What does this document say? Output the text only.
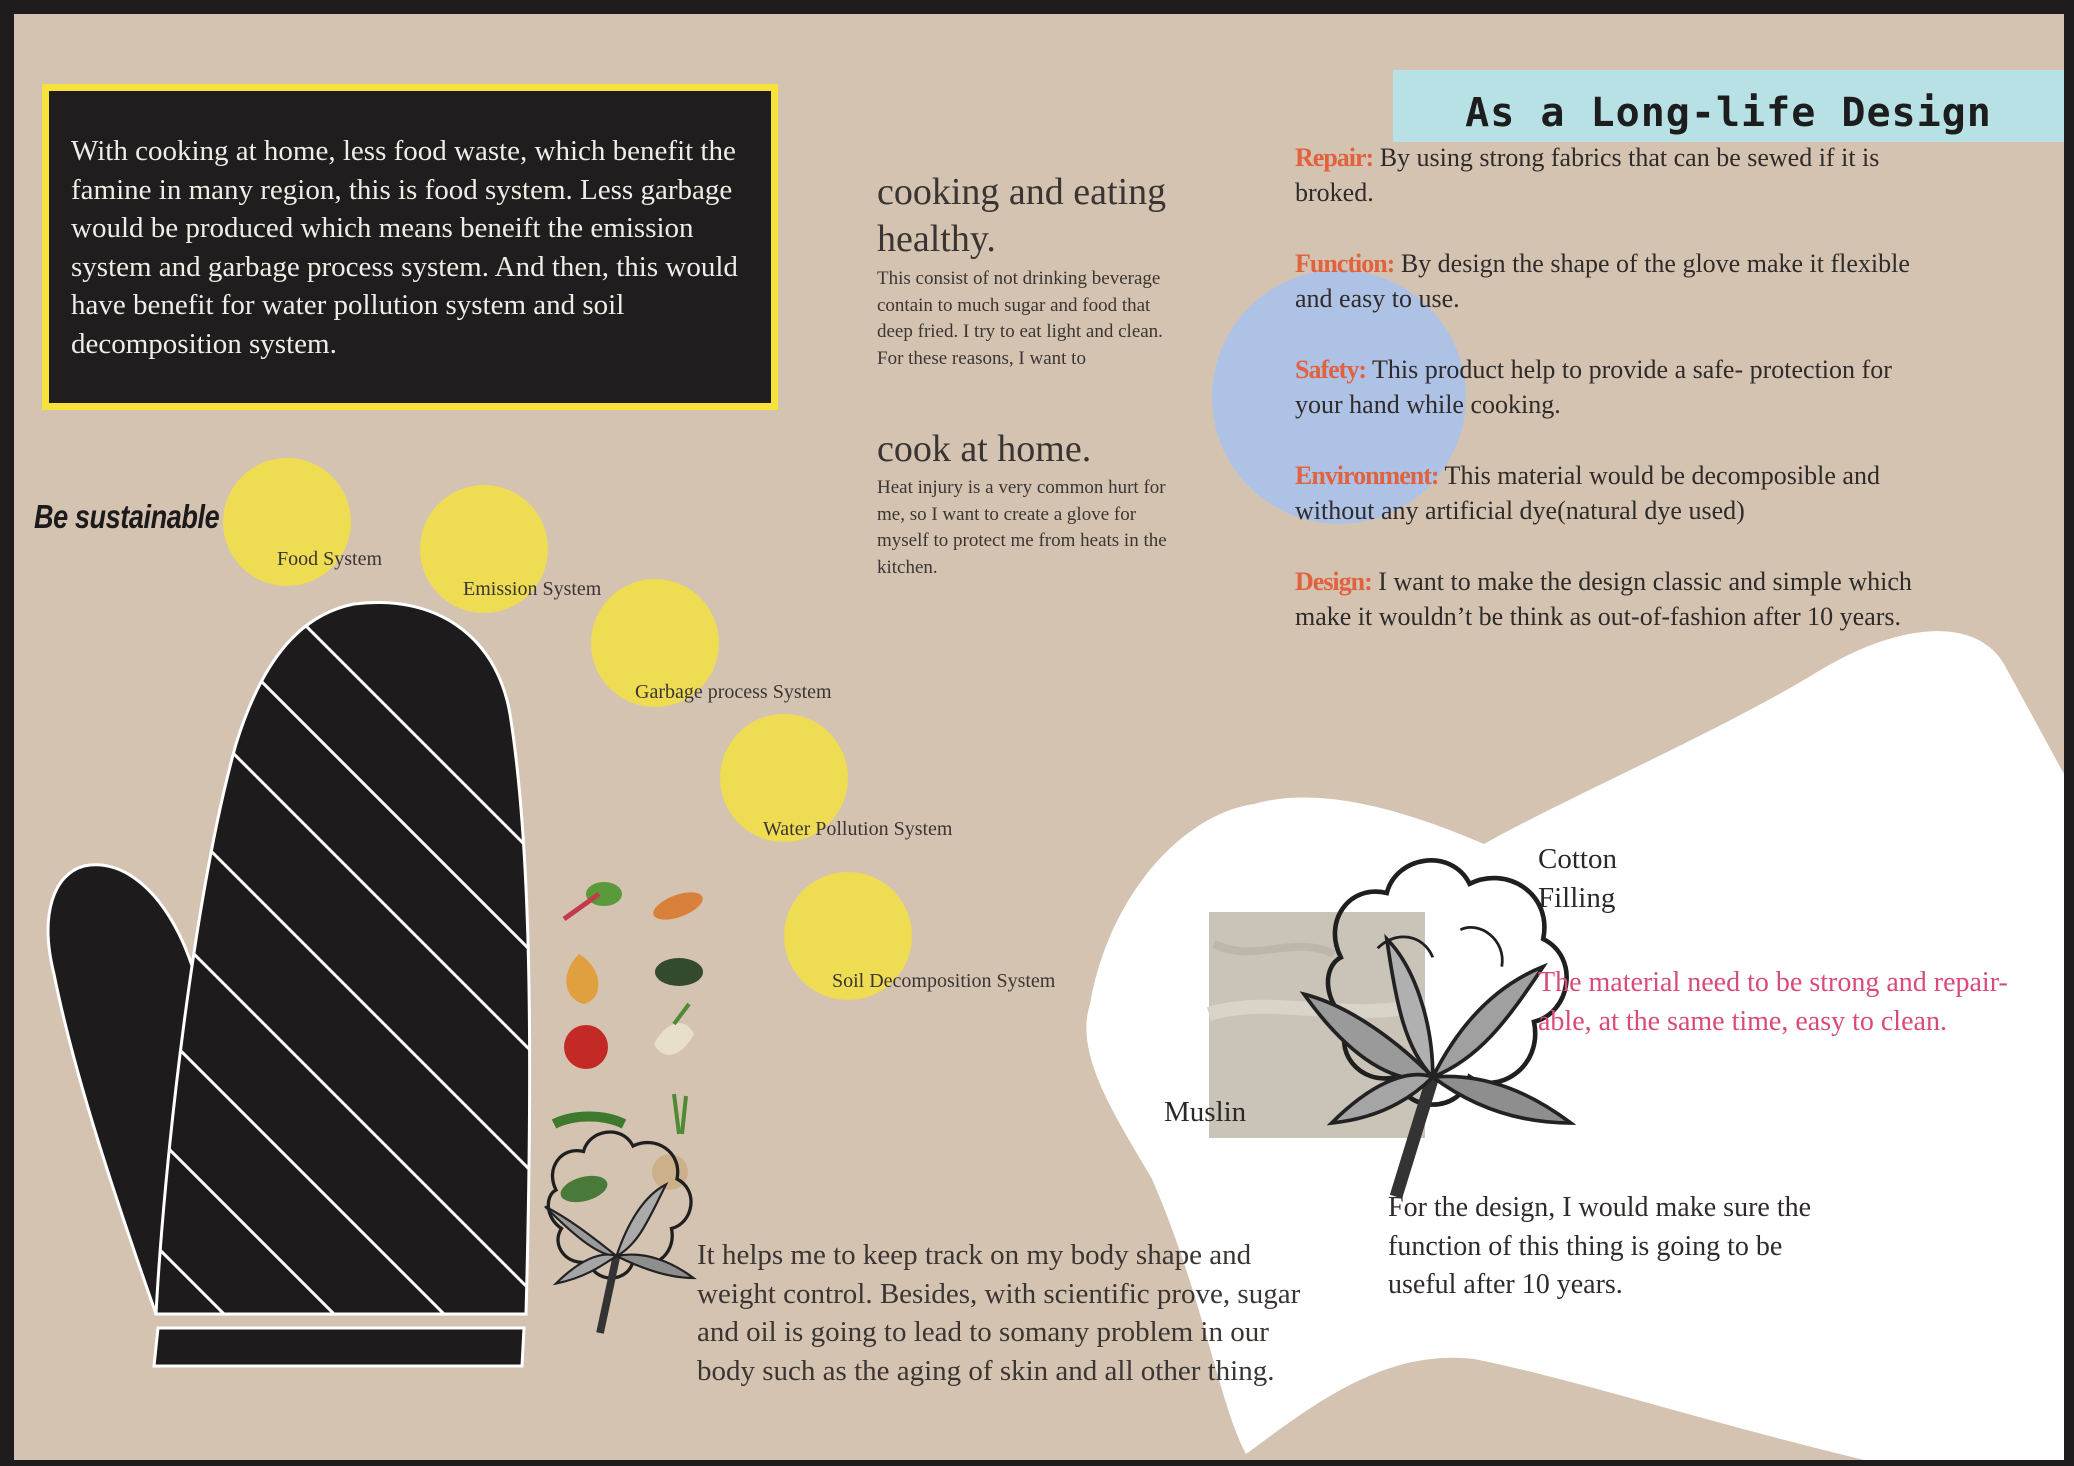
With cooking at home, less food waste, which benefit the famine in many region, this is food system. Less garbage would be produced which means beneift the emission system and garbage process system. And then, this would have benefit for water pollution system and soil decomposition system.
Be sustainable
Food System
Emission System
Garbage process System
Water Pollution System
Soil Decomposition System
cooking and eating healthy.
This consist of not drinking beverage contain to much sugar and food that deep fried. I try to eat light and clean.
For these reasons, I want to
cook at home.
Heat injury is a very common hurt for me, so I want to create a glove for myself to protect me from heats in the kitchen.
As a Long-life Design
Repair: By using strong fabrics that can be sewed if it is broked.
Function: By design the shape of the glove make it flexible and easy to use.
Safety: This product help to provide a safe- protection for your hand while cooking.
Environment: This material would be decomposible and without any artificial dye(natural dye used)
Design: I want to make the design classic and simple which make it wouldn’t be think as out-of-fashion after 10 years.
Cotton Filling
Muslin
The material need to be strong and repair-able, at the same time, easy to clean.
For the design, I would make sure the function of this thing is going to be useful after 10 years.
It helps me to keep track on my body shape and weight control. Besides, with scientific prove, sugar and oil is going to lead to somany problem in our body such as the aging of skin and all other thing.
